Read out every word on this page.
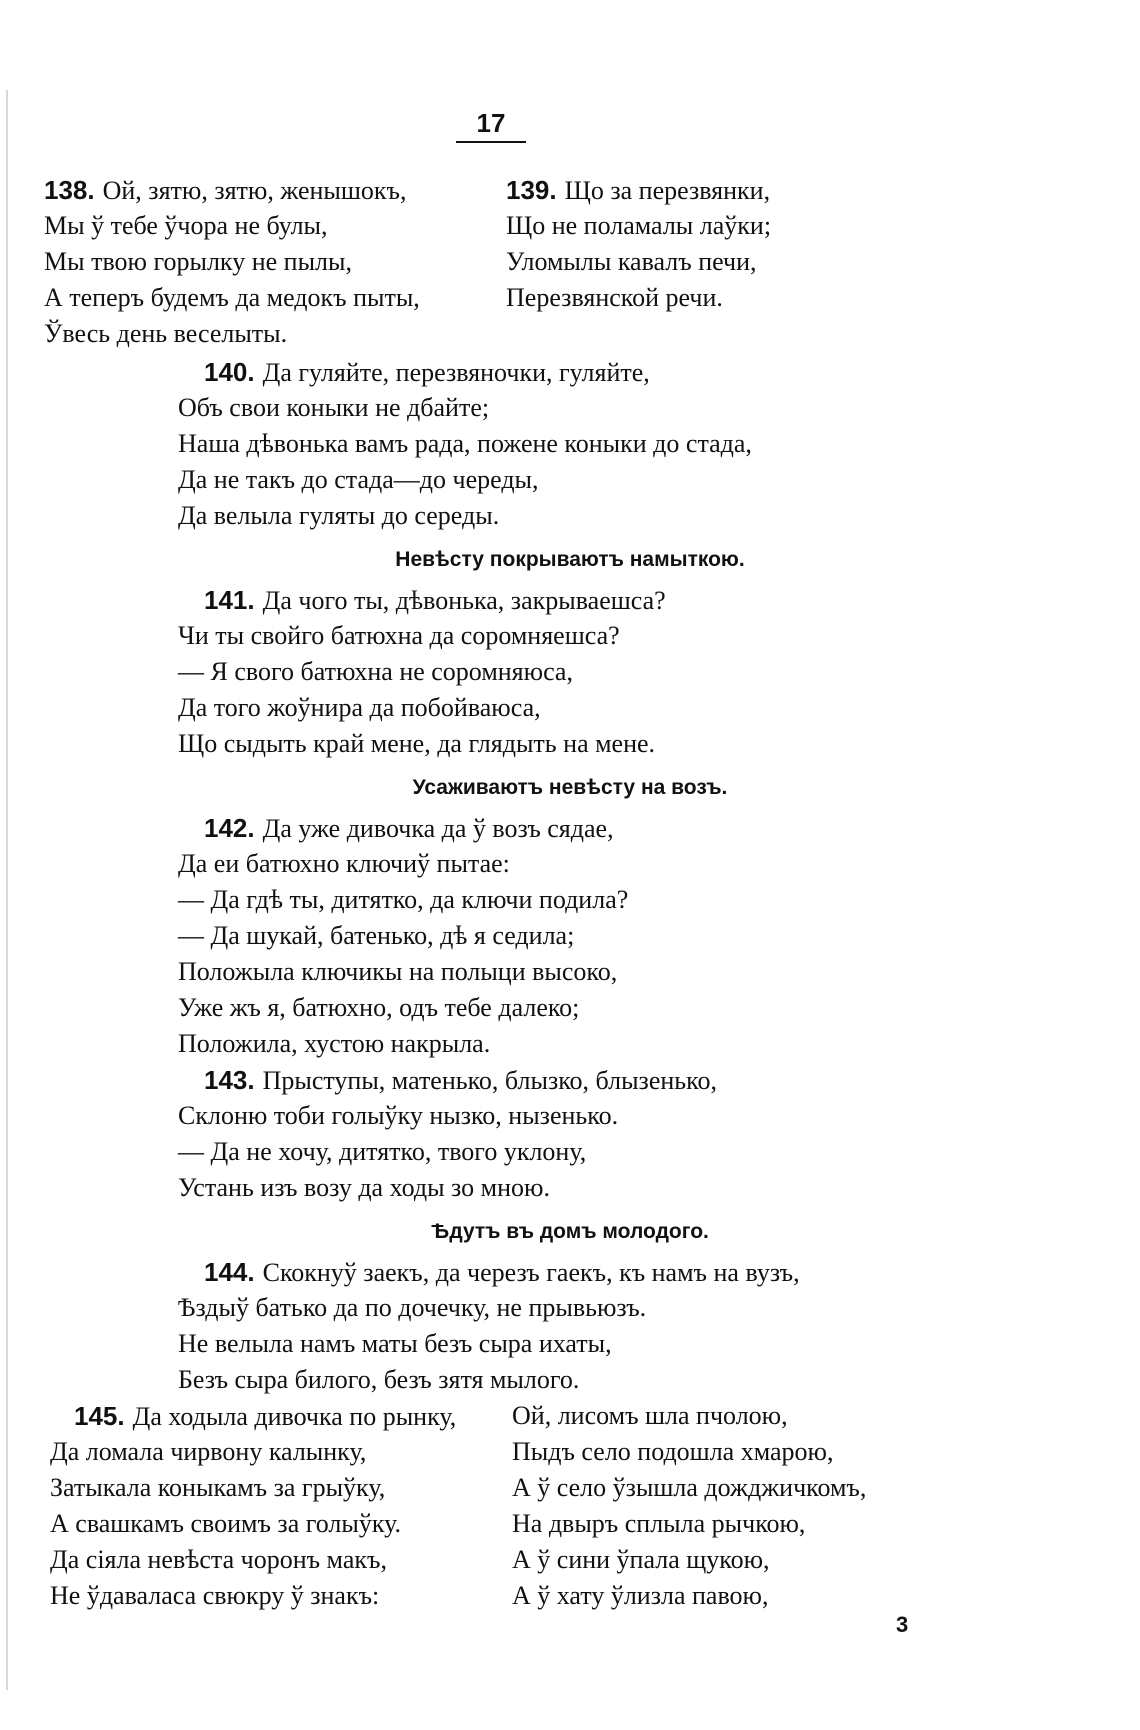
17
138. Ой, зятю, зятю, женышокъ,
Мы ў тебе ўчора не булы,
Мы твою горылку не пылы,
А теперъ будемъ да медокъ пыты,
Ўвесь день веселыты.
139. Що за перезвянки,
Що не поламалы лаўки;
Уломылы кавалъ печи,
Перезвянской речи.
140. Да гуляйте, перезвяночки, гуляйте,
Объ свои коныки не дбайте;
Наша дѣвонька вамъ рада, пожене коныки до стада,
Да не такъ до стада—до череды,
Да велыла гуляты до середы.
Невѣсту покрываютъ намыткою.
141. Да чого ты, дѣвонька, закрываешса?
Чи ты свойго батюхна да соромняешса?
— Я свого батюхна не соромняюса,
Да того жоўнира да побойваюса,
Що сыдыть край мене, да глядыть на мене.
Усаживаютъ невѣсту на возъ.
142. Да уже дивочка да ў возъ сядае,
Да еи батюхно ключиў пытае:
— Да гдѣ ты, дитятко, да ключи подила?
— Да шукай, батенько, дѣ я седила;
Положыла ключикы на полыци высоко,
Уже жъ я, батюхно, одъ тебе далеко;
Положила, хустою накрыла.
143. Прыступы, матенько, блызко, блызенько,
Склоню тоби голыўку нызко, нызенько.
— Да не хочу, дитятко, твого уклону,
Устань изъ возу да ходы зо мною.
Ѣдутъ въ домъ молодого.
144. Скокнуў заекъ, да черезъ гаекъ, къ намъ на вузъ,
Ѣздыў батько да по дочечку, не прывьюзъ.
Не велыла намъ маты безъ сыра ихаты,
Безъ сыра билого, безъ зятя мылого.
145. Да ходыла дивочка по рынку,
Да ломала чирвону калынку,
Затыкала коныкамъ за грыўку,
А свашкамъ своимъ за голыўку.
Да сіяла невѣста чоронъ макъ,
Не ўдаваласа свюкру ў знакъ:
Ой, лисомъ шла пчолою,
Пыдъ село подошла хмарою,
А ў село ўзышла дожджичкомъ,
На двыръ сплыла рычкою,
А ў сини ўпала щукою,
А ў хату ўлизла павою,
3
